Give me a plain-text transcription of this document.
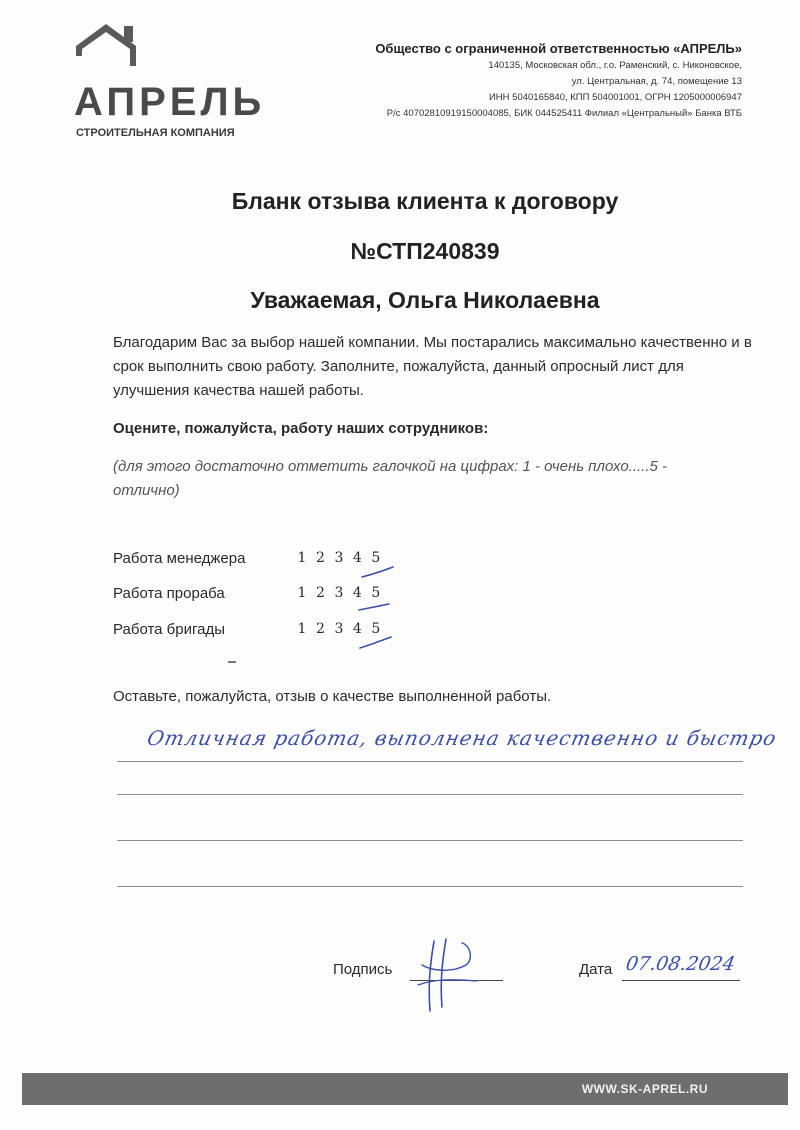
АПРЕЛЬ
СТРОИТЕЛЬНАЯ КОМПАНИЯ
Общество с ограниченной ответственностью «АПРЕЛЬ»
140135, Московская обл., г.о. Раменский, с. Никоновское,
ул. Центральная, д. 74, помещение 13
ИНН 5040165840, КПП 504001001, ОГРН 1205000006947
Р/с 40702810919150004085, БИК 044525411 Филиал «Центральный» Банка ВТБ
Бланк отзыва клиента к договору
№СТП240839
Уважаемая, Ольга Николаевна
Благодарим Вас за выбор нашей компании. Мы постарались максимально качественно и в срок выполнить свою работу. Заполните, пожалуйста, данный опросный лист для улучшения качества нашей работы.
Оцените, пожалуйста, работу наших сотрудников:
(для этого достаточно отметить галочкой на цифрах: 1 - очень плохо.....5 - отлично)
Работа менеджера	1 2 3 4 5
Работа прораба	1 2 3 4 5
Работа бригады	1 2 3 4 5
Оставьте, пожалуйста, отзыв о качестве выполненной работы.
Отличная работа, выполнена качественно и быстро
Подпись	Дата 07.08.2024
WWW.SK-APREL.RU
